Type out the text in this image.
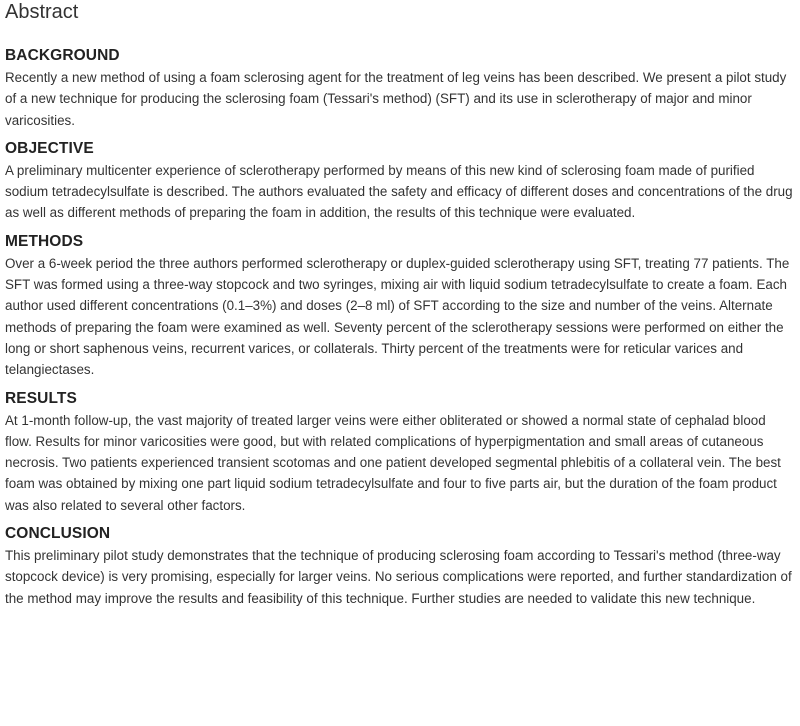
Abstract
BACKGROUND

Recently a new method of using a foam sclerosing agent for the treatment of leg veins has been described. We present a pilot study of a new technique for producing the sclerosing foam (Tessari's method) (SFT) and its use in sclerotherapy of major and minor varicosities.

OBJECTIVE

A preliminary multicenter experience of sclerotherapy performed by means of this new kind of sclerosing foam made of purified sodium tetradecylsulfate is described. The authors evaluated the safety and efficacy of different doses and concentrations of the drug as well as different methods of preparing the foam in addition, the results of this technique were evaluated.

METHODS

Over a 6-week period the three authors performed sclerotherapy or duplex-guided sclerotherapy using SFT, treating 77 patients. The SFT was formed using a three-way stopcock and two syringes, mixing air with liquid sodium tetradecylsulfate to create a foam. Each author used different concentrations (0.1–3%) and doses (2–8 ml) of SFT according to the size and number of the veins. Alternate methods of preparing the foam were examined as well. Seventy percent of the sclerotherapy sessions were performed on either the long or short saphenous veins, recurrent varices, or collaterals. Thirty percent of the treatments were for reticular varices and telangiectases.

RESULTS

At 1-month follow-up, the vast majority of treated larger veins were either obliterated or showed a normal state of cephalad blood flow. Results for minor varicosities were good, but with related complications of hyperpigmentation and small areas of cutaneous necrosis. Two patients experienced transient scotomas and one patient developed segmental phlebitis of a collateral vein. The best foam was obtained by mixing one part liquid sodium tetradecylsulfate and four to five parts air, but the duration of the foam product was also related to several other factors.

CONCLUSION

This preliminary pilot study demonstrates that the technique of producing sclerosing foam according to Tessari's method (three-way stopcock device) is very promising, especially for larger veins. No serious complications were reported, and further standardization of the method may improve the results and feasibility of this technique. Further studies are needed to validate this new technique.
